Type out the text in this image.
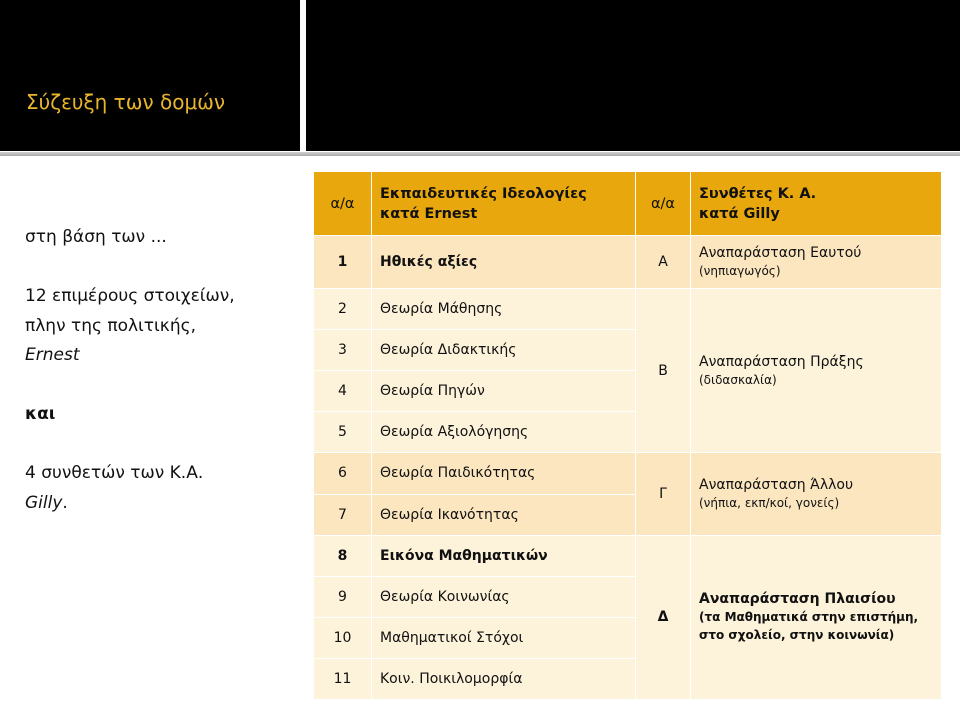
Σύζευξη των δομών

στη βάση των ...

12 επιμέρους στοιχείων,

πλην της πολιτικής,

Ernest

και

4 συνθετών των Κ.Α.

Gilly.

α/α	Εκπαιδευτικές Ιδεολογίες
κατά Ernest	α/α	Συνθέτες Κ. Α.
κατά Gilly
1	Ηθικές αξίες	Α	Αναπαράσταση Εαυτού
(νηπιαγωγός)
2	Θεωρία Μάθησης	Β	Αναπαράσταση Πράξης
(διδασκαλία)
3	Θεωρία Διδακτικής		
4	Θεωρία Πηγών		
5	Θεωρία Αξιολόγησης		
6	Θεωρία Παιδικότητας	Γ	Αναπαράσταση Άλλου
(νήπια, εκπ/κοί, γονείς)
7	Θεωρία Ικανότητας		
8	Εικόνα Μαθηματικών	Δ	Αναπαράσταση Πλαισίου
(τα Μαθηματικά στην επιστήμη,
στο σχολείο, στην κοινωνία)
9	Θεωρία Κοινωνίας		
10	Μαθηματικοί Στόχοι		
11	Κοιν. Ποικιλομορφία		
